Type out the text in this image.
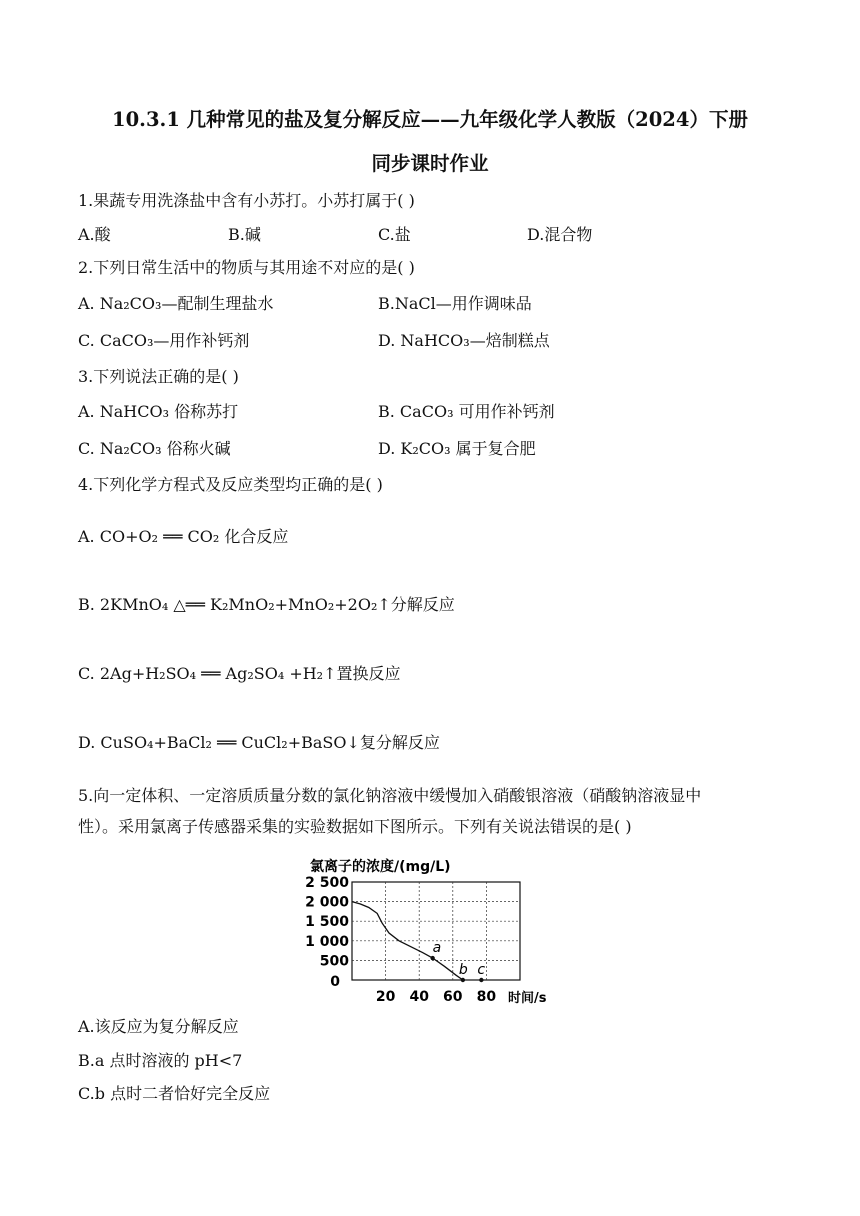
10.3.1 几种常见的盐及复分解反应——九年级化学人教版（2024）下册
同步课时作业
1.果蔬专用洗涤盐中含有小苏打。小苏打属于( )
A.酸	B.碱	C.盐	D.混合物
2.下列日常生活中的物质与其用途不对应的是( )
A. Na₂CO₃—配制生理盐水	B.NaCl—用作调味品
C. CaCO₃—用作补钙剂	D. NaHCO₃—焙制糕点
3.下列说法正确的是( )
A. NaHCO₃ 俗称苏打	B. CaCO₃ 可用作补钙剂
C. Na₂CO₃ 俗称火碱	D. K₂CO₃ 属于复合肥
4.下列化学方程式及反应类型均正确的是( )
A. CO+O₂ ══ CO₂ 化合反应
B. 2KMnO₄ △══ K₂MnO₂+MnO₂+2O₂↑分解反应
C. 2Ag+H₂SO₄ ══ Ag₂SO₄ +H₂↑置换反应
D. CuSO₄+BaCl₂ ══ CuCl₂+BaSO↓复分解反应
5.向一定体积、一定溶质质量分数的氯化钠溶液中缓慢加入硝酸银溶液（硝酸钠溶液显中
性）。采用氯离子传感器采集的实验数据如下图所示。下列有关说法错误的是( )
氯离子的浓度/(mg/L)
500
1 000
1 500
2 000
2 500
0
20 40 60 80 时间/s
a
b c
A.该反应为复分解反应
B.a 点时溶液的 pH<7
C.b 点时二者恰好完全反应
